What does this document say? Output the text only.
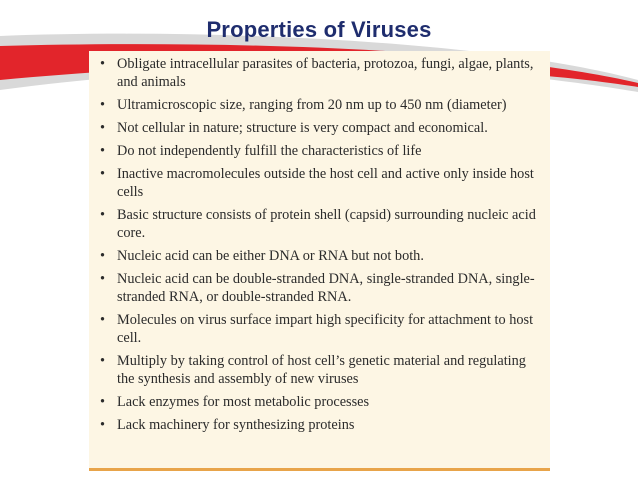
Properties of Viruses
• Obligate intracellular parasites of bacteria, protozoa, fungi, algae, plants, and animals
• Ultramicroscopic size, ranging from 20 nm up to 450 nm (diameter)
• Not cellular in nature; structure is very compact and economical.
• Do not independently fulfill the characteristics of life
• Inactive macromolecules outside the host cell and active only inside host cells
• Basic structure consists of protein shell (capsid) surrounding nucleic acid core.
• Nucleic acid can be either DNA or RNA but not both.
• Nucleic acid can be double-stranded DNA, single-stranded DNA, single-stranded RNA, or double-stranded RNA.
• Molecules on virus surface impart high specificity for attachment to host cell.
• Multiply by taking control of host cell’s genetic material and regulating the synthesis and assembly of new viruses
• Lack enzymes for most metabolic processes
• Lack machinery for synthesizing proteins
